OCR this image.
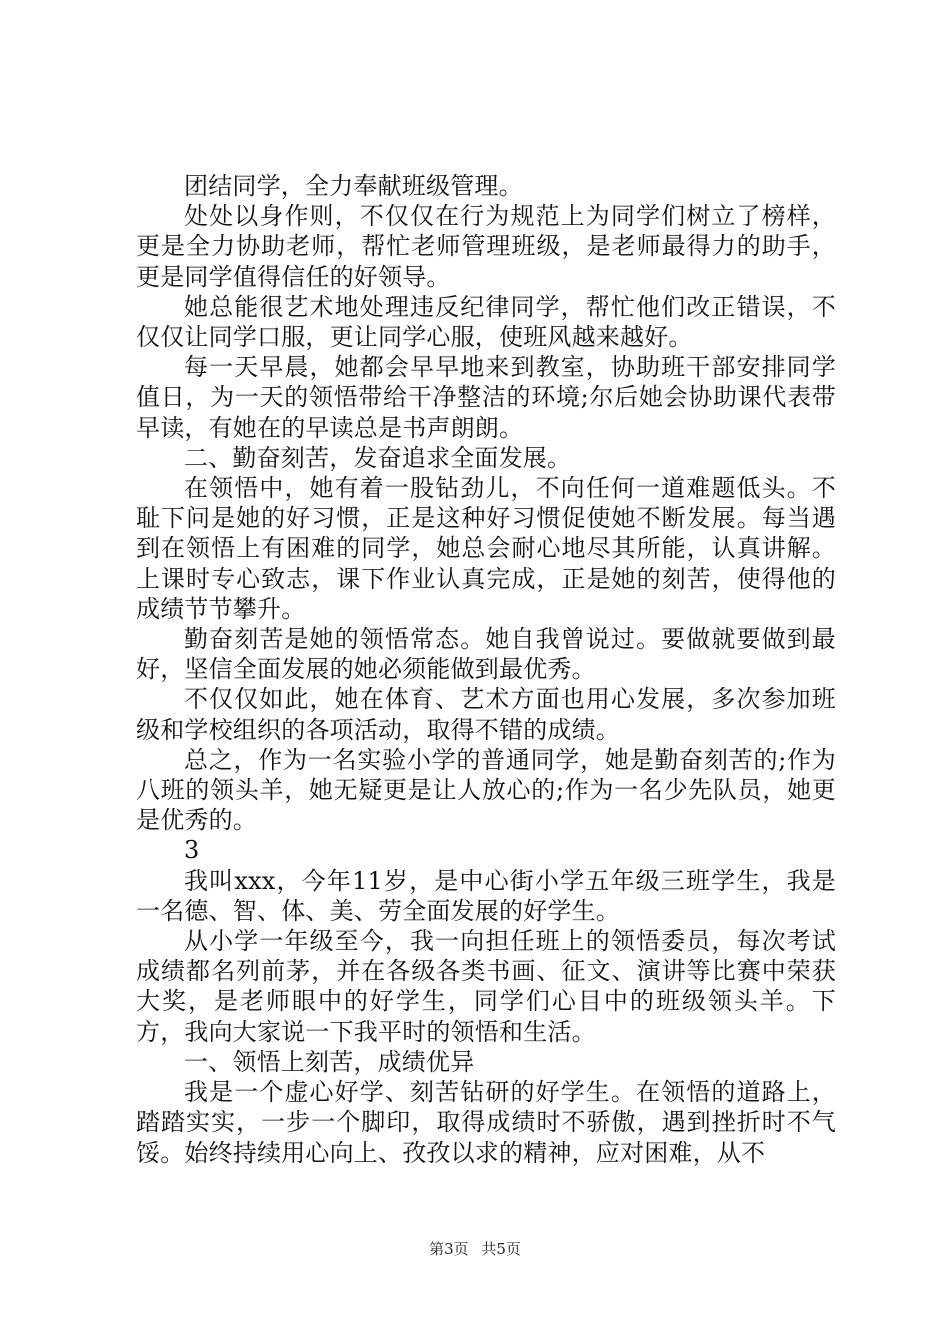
团结同学，全力奉献班级管理。

处处以身作则，不仅仅在行为规范上为同学们树立了榜样，更是全力协助老师，帮忙老师管理班级，是老师最得力的助手，更是同学值得信任的好领导。

她总能很艺术地处理违反纪律同学，帮忙他们改正错误，不仅仅让同学口服，更让同学心服，使班风越来越好。

每一天早晨，她都会早早地来到教室，协助班干部安排同学值日，为一天的领悟带给干净整洁的环境;尔后她会协助课代表带早读，有她在的早读总是书声朗朗。

二、勤奋刻苦，发奋追求全面发展。

在领悟中，她有着一股钻劲儿，不向任何一道难题低头。不耻下问是她的好习惯，正是这种好习惯促使她不断发展。每当遇到在领悟上有困难的同学，她总会耐心地尽其所能，认真讲解。上课时专心致志，课下作业认真完成，正是她的刻苦，使得他的成绩节节攀升。

勤奋刻苦是她的领悟常态。她自我曾说过。要做就要做到最好，坚信全面发展的她必须能做到最优秀。

不仅仅如此，她在体育、艺术方面也用心发展，多次参加班级和学校组织的各项活动，取得不错的成绩。

总之，作为一名实验小学的普通同学，她是勤奋刻苦的;作为八班的领头羊，她无疑更是让人放心的;作为一名少先队员，她更是优秀的。

3

我叫xxx，今年11岁，是中心街小学五年级三班学生，我是一名德、智、体、美、劳全面发展的好学生。

从小学一年级至今，我一向担任班上的领悟委员，每次考试成绩都名列前茅，并在各级各类书画、征文、演讲等比赛中荣获大奖，是老师眼中的好学生，同学们心目中的班级领头羊。下方，我向大家说一下我平时的领悟和生活。

一、领悟上刻苦，成绩优异

我是一个虚心好学、刻苦钻研的好学生。在领悟的道路上，踏踏实实，一步一个脚印，取得成绩时不骄傲，遇到挫折时不气馁。始终持续用心向上、孜孜以求的精神，应对困难，从不

第3页 共5页
